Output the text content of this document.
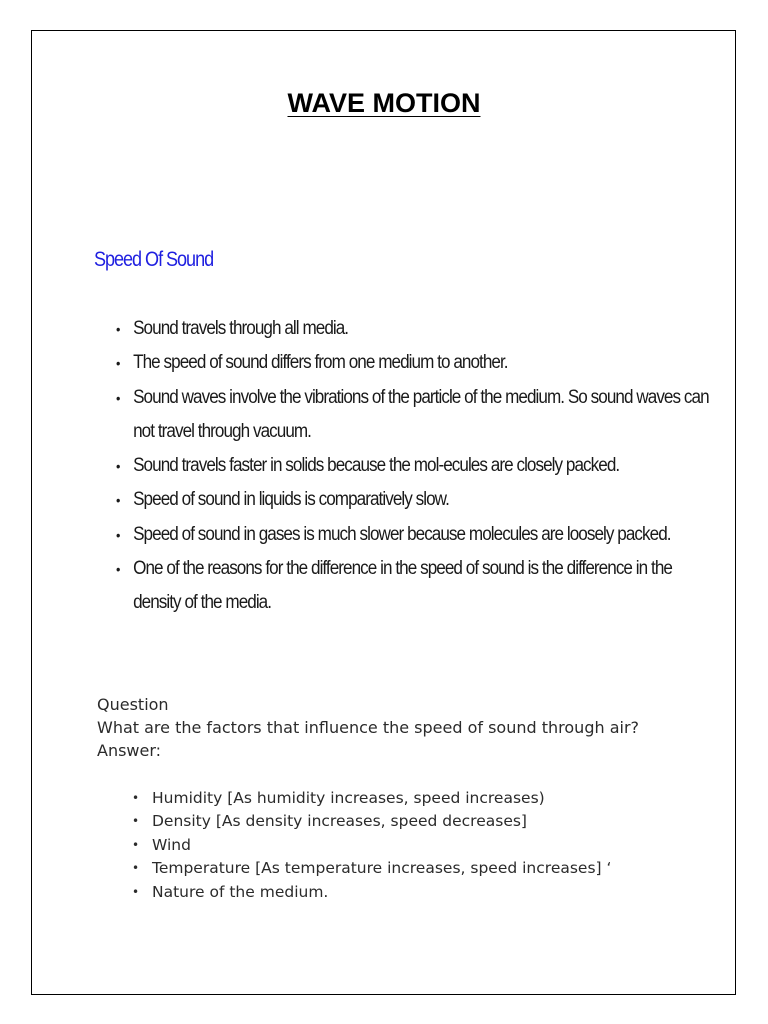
WAVE MOTION
Speed Of Sound
• Sound travels through all media.
• The speed of sound differs from one medium to another.
• Sound waves involve the vibrations of the particle of the medium. So sound waves can not travel through vacuum.
• Sound travels faster in solids because the mol‑ecules are closely packed.
• Speed of sound in liquids is comparatively slow.
• Speed of sound in gases is much slower because molecules are loosely packed.
• One of the reasons for the difference in the speed of sound is the difference in the density of the media.
Question
What are the factors that influence the speed of sound through air?
Answer:
• Humidity [As humidity increases, speed increases)
• Density [As density increases, speed decreases]
• Wind
• Temperature [As temperature increases, speed increases] ‘
• Nature of the medium.
